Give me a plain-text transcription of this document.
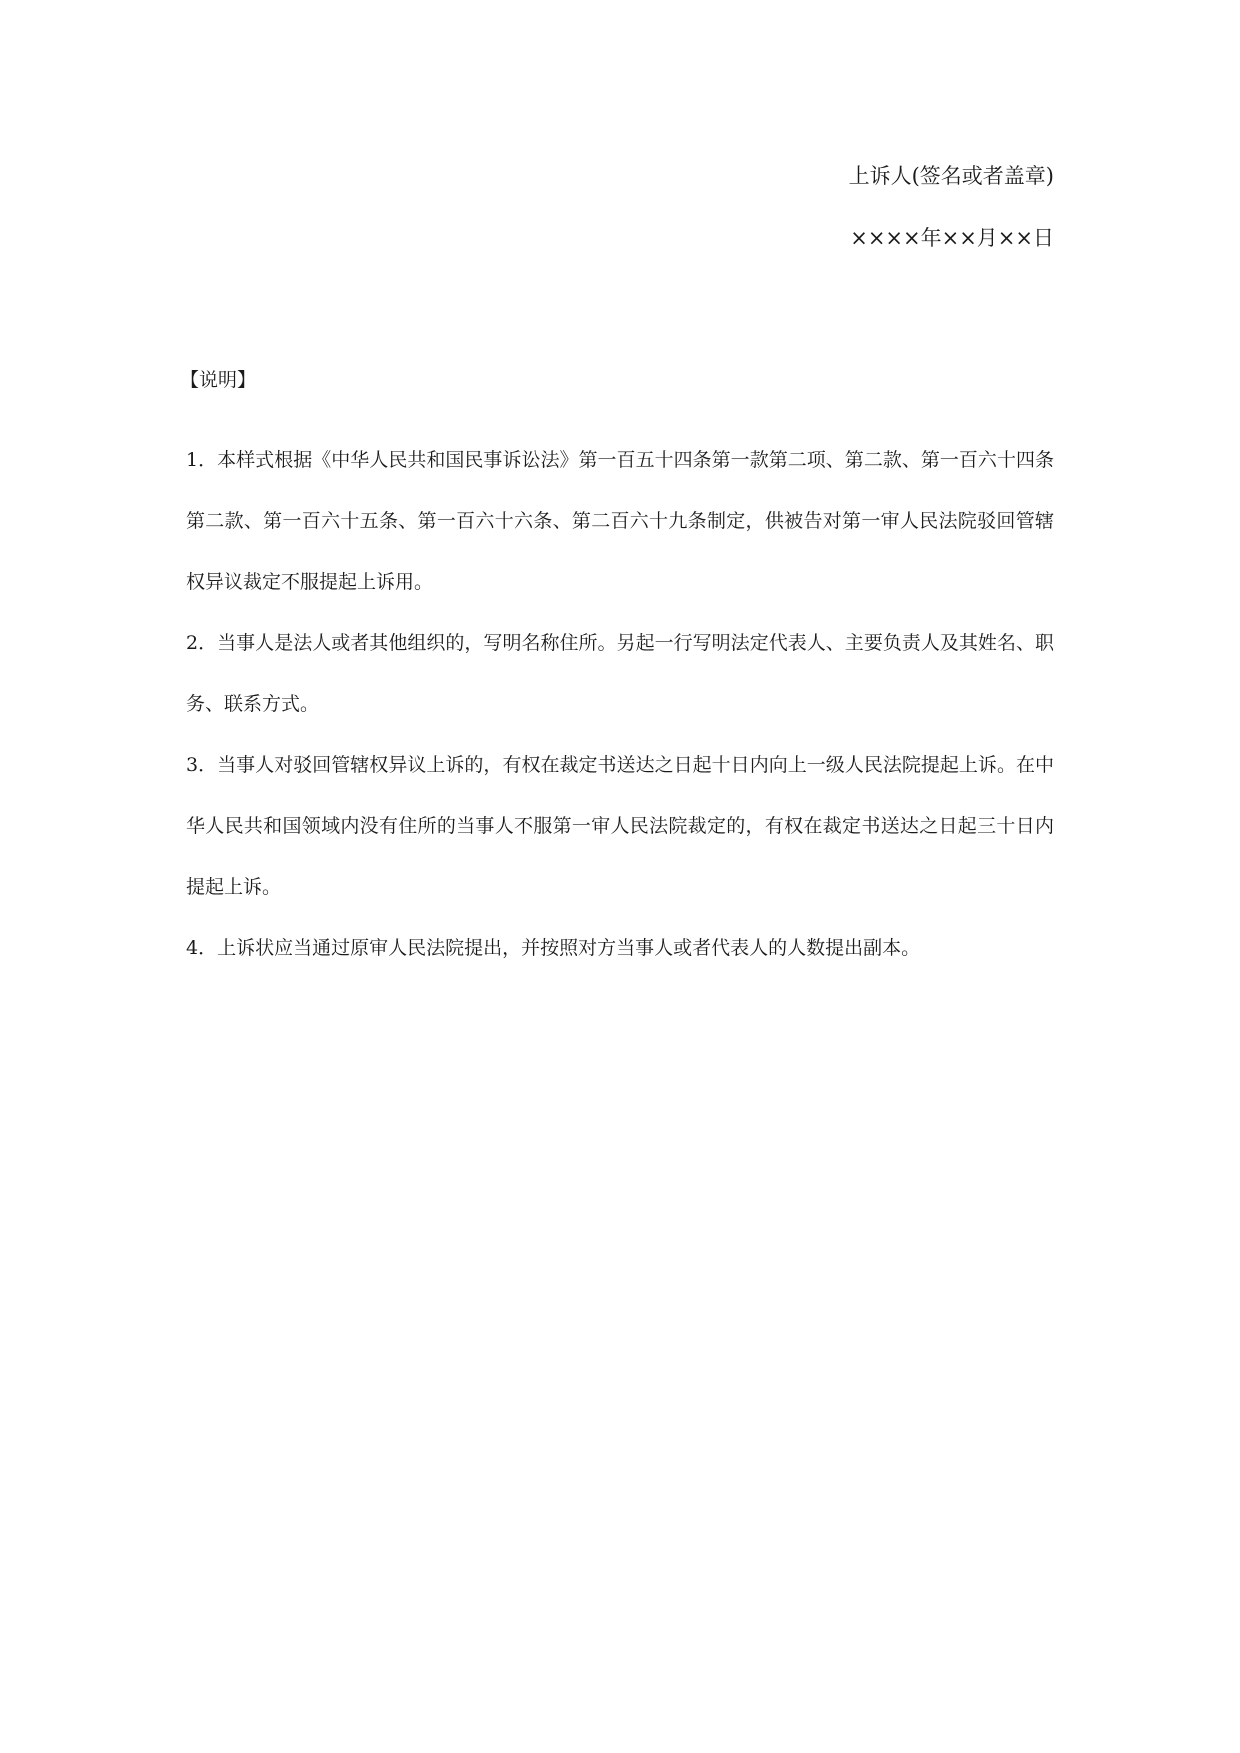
上诉人(签名或者盖章)
××××年××月××日

【说明】

1．本样式根据《中华人民共和国民事诉讼法》第一百五十四条第一款第二项、第二款、第一百六十四条第二款、第一百六十五条、第一百六十六条、第二百六十九条制定，供被告对第一审人民法院驳回管辖权异议裁定不服提起上诉用。
2．当事人是法人或者其他组织的，写明名称住所。另起一行写明法定代表人、主要负责人及其姓名、职务、联系方式。
3．当事人对驳回管辖权异议上诉的，有权在裁定书送达之日起十日内向上一级人民法院提起上诉。在中华人民共和国领域内没有住所的当事人不服第一审人民法院裁定的，有权在裁定书送达之日起三十日内提起上诉。
4．上诉状应当通过原审人民法院提出，并按照对方当事人或者代表人的人数提出副本。
